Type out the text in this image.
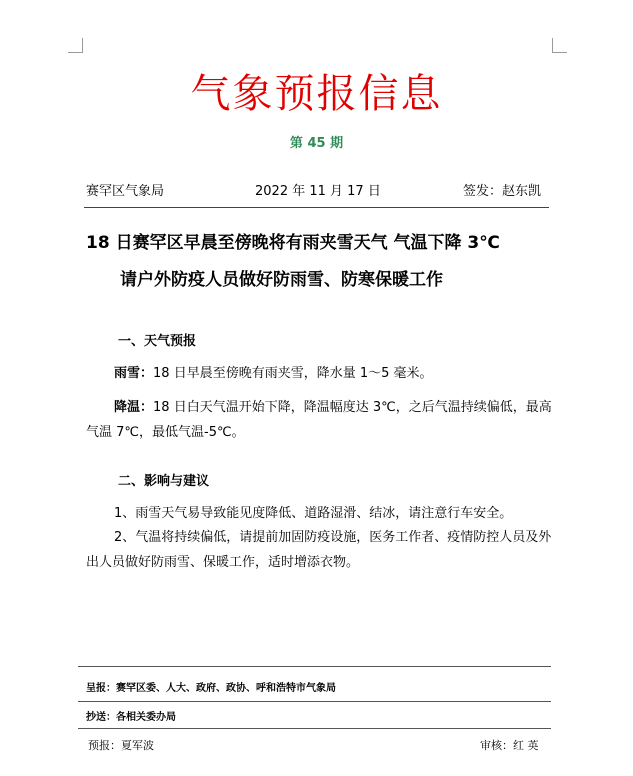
气象预报信息
第 45 期
赛罕区气象局	2022 年 11 月 17 日	签发：赵东凯
18 日赛罕区早晨至傍晚将有雨夹雪天气 气温下降 3℃
请户外防疫人员做好防雨雪、防寒保暖工作
一、天气预报
雨雪：18 日早晨至傍晚有雨夹雪，降水量 1～5 毫米。
降温：18 日白天气温开始下降，降温幅度达 3℃，之后气温持续偏低，最高气温 7℃，最低气温-5℃。
二、影响与建议
1、雨雪天气易导致能见度降低、道路湿滑、结冰，请注意行车安全。
2、气温将持续偏低，请提前加固防疫设施，医务工作者、疫情防控人员及外出人员做好防雨雪、保暖工作，适时增添衣物。
呈报：赛罕区委、人大、政府、政协、呼和浩特市气象局
抄送：各相关委办局
预报：夏军波	审核：红 英
